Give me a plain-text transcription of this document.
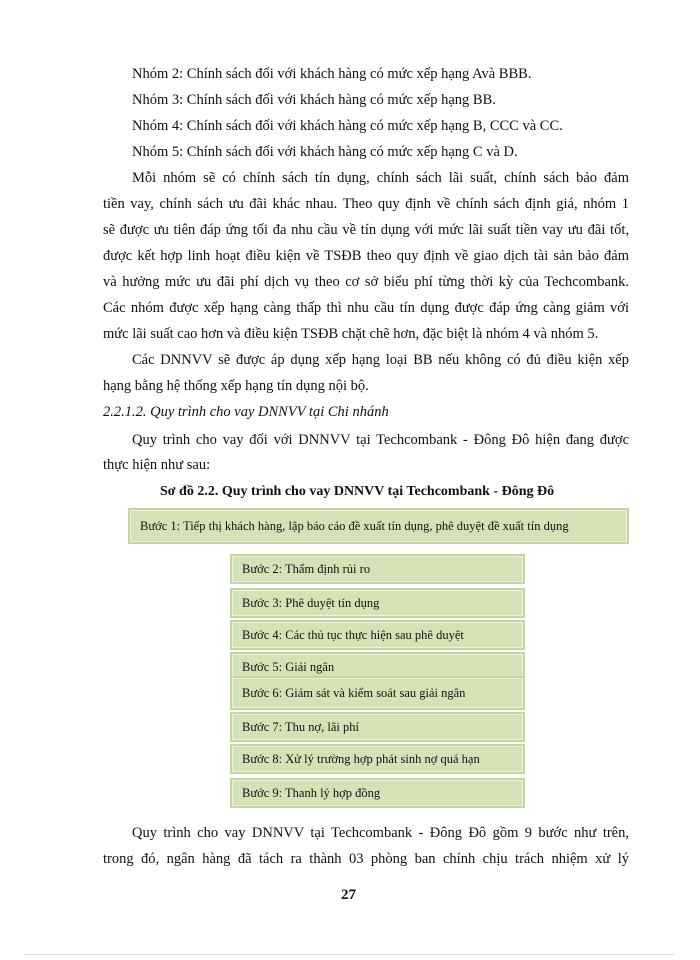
Nhóm 2: Chính sách đối với khách hàng có mức xếp hạng Avà BBB.
Nhóm 3: Chính sách đối với khách hàng có mức xếp hạng BB.
Nhóm 4: Chính sách đối với khách hàng có mức xếp hạng B, CCC và CC.
Nhóm 5: Chính sách đối với khách hàng có mức xếp hạng C và D.
Mỗi nhóm sẽ có chính sách tín dụng, chính sách lãi suất, chính sách bảo đảm
tiền vay, chính sách ưu đãi khác nhau. Theo quy định về chính sách định giá, nhóm 1
sẽ được ưu tiên đáp ứng tối đa nhu cầu về tín dụng với mức lãi suất tiền vay ưu đãi tốt,
được kết hợp linh hoạt điều kiện về TSĐB theo quy định về giao dịch tài sản bảo đảm
và hưởng mức ưu đãi phí dịch vụ theo cơ sở biểu phí từng thời kỳ của Techcombank.
Các nhóm được xếp hạng càng thấp thì nhu cầu tín dụng được đáp ứng càng giảm với
mức lãi suất cao hơn và điều kiện TSĐB chặt chẽ hơn, đặc biệt là nhóm 4 và nhóm 5.
Các DNNVV sẽ được áp dụng xếp hạng loại BB nếu không có đủ điều kiện xếp
hạng bằng hệ thống xếp hạng tín dụng nội bộ.
2.2.1.2. Quy trình cho vay DNNVV tại Chi nhánh
Quy trình cho vay đối với DNNVV tại Techcombank - Đông Đô hiện đang được
thực hiện như sau:
Sơ đồ 2.2. Quy trình cho vay DNNVV tại Techcombank - Đông Đô
Bước 1: Tiếp thị khách hàng, lập báo cáo đề xuất tín dụng, phê duyệt đề xuất tín dụng
Bước 2: Thẩm định rủi ro
Bước 3: Phê duyệt tín dụng
Bước 4: Các thủ tục thực hiện sau phê duyệt
Bước 5: Giải ngân
Bước 6: Giám sát và kiểm soát sau giải ngân
Bước 7: Thu nợ, lãi phí
Bước 8: Xử lý trường hợp phát sinh nợ quá hạn
Bước 9: Thanh lý hợp đồng
Quy trình cho vay DNNVV tại Techcombank - Đông Đô gồm 9 bước như trên,
trong đó, ngân hàng đã tách ra thành 03 phòng ban chính chịu trách nhiệm xử lý
27
